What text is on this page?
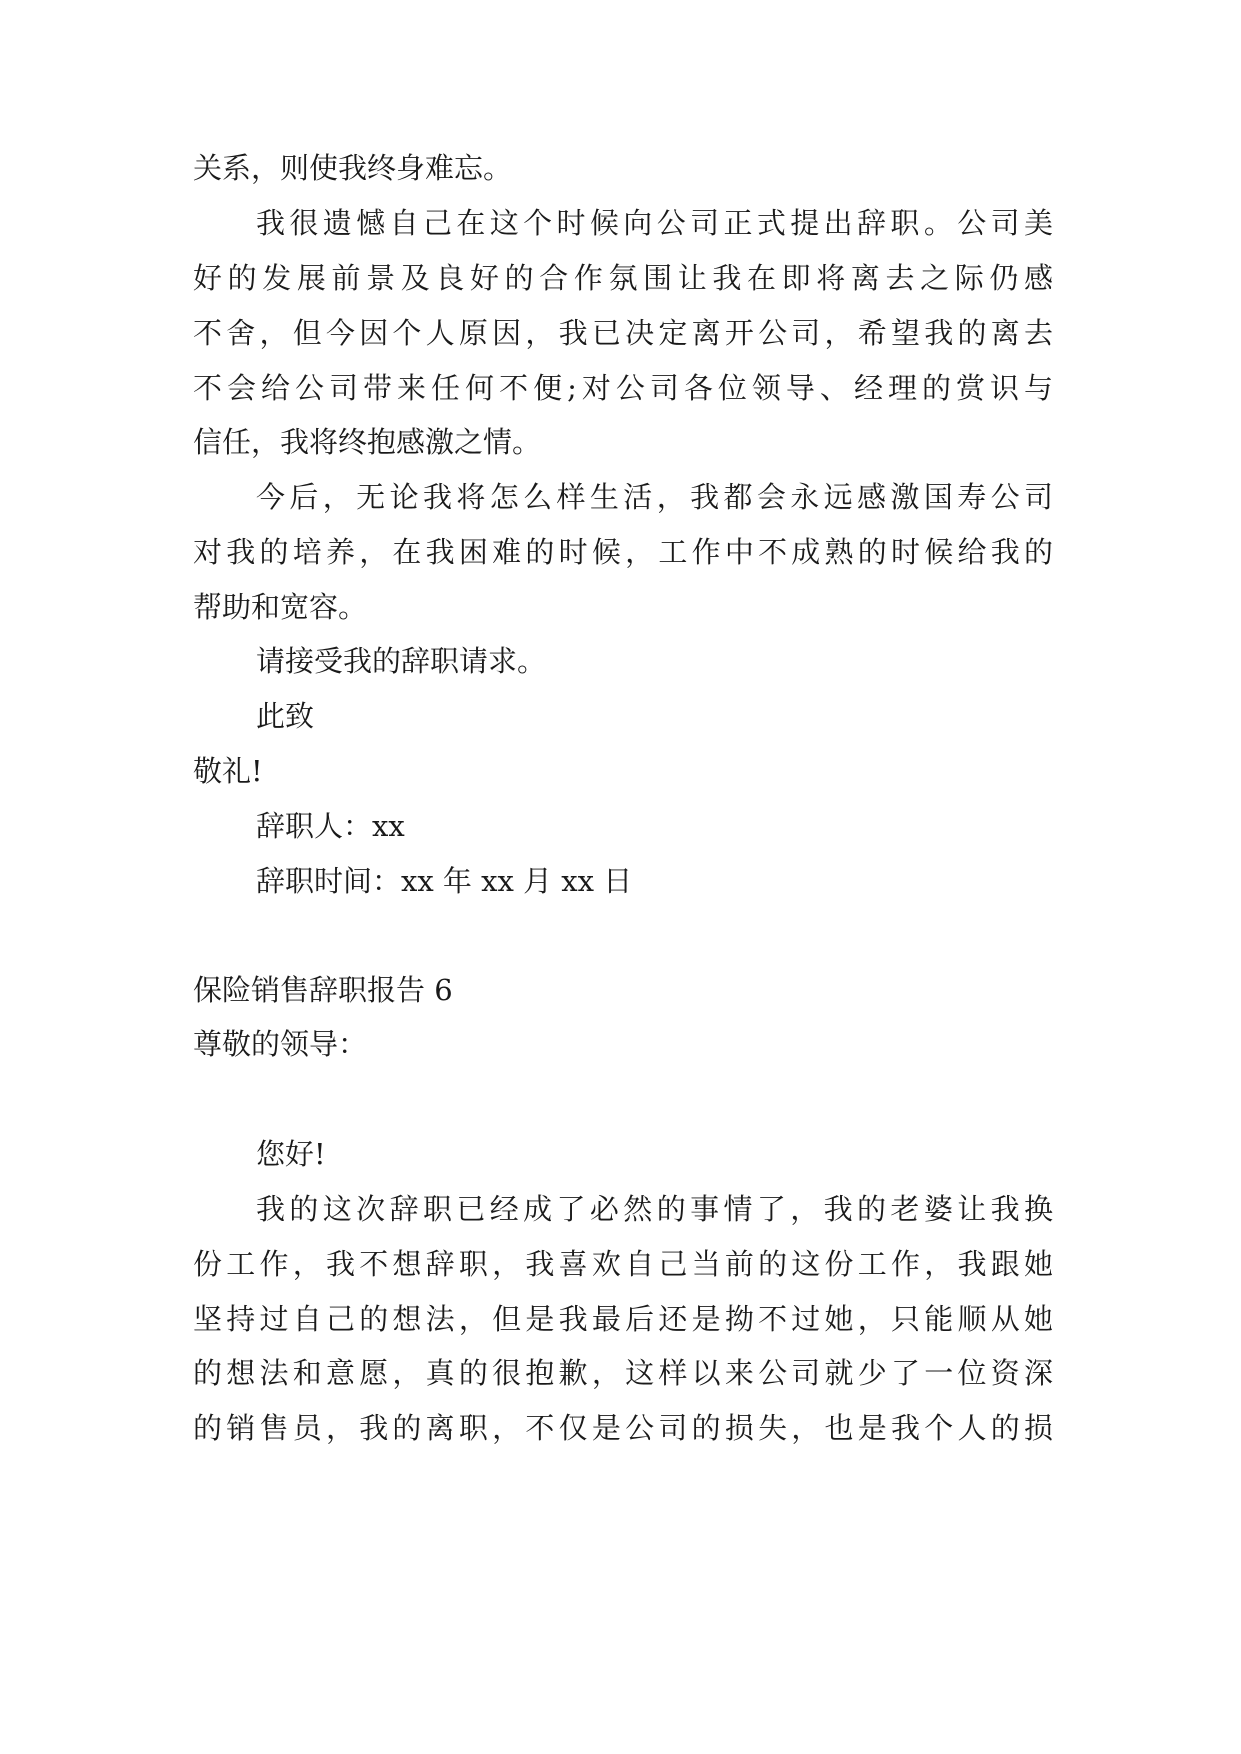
关系，则使我终身难忘。
我很遗憾自己在这个时候向公司正式提出辞职。公司美
好的发展前景及良好的合作氛围让我在即将离去之际仍感
不舍，但今因个人原因，我已决定离开公司，希望我的离去
不会给公司带来任何不便;对公司各位领导、经理的赏识与
信任，我将终抱感激之情。
今后，无论我将怎么样生活，我都会永远感激国寿公司
对我的培养，在我困难的时候，工作中不成熟的时候给我的
帮助和宽容。
请接受我的辞职请求。
此致
敬礼!
辞职人：xx
辞职时间：xx 年 xx 月 xx 日
保险销售辞职报告 6
尊敬的领导：
您好!
我的这次辞职已经成了必然的事情了，我的老婆让我换
份工作，我不想辞职，我喜欢自己当前的这份工作，我跟她
坚持过自己的想法，但是我最后还是拗不过她，只能顺从她
的想法和意愿，真的很抱歉，这样以来公司就少了一位资深
的销售员，我的离职，不仅是公司的损失，也是我个人的损
